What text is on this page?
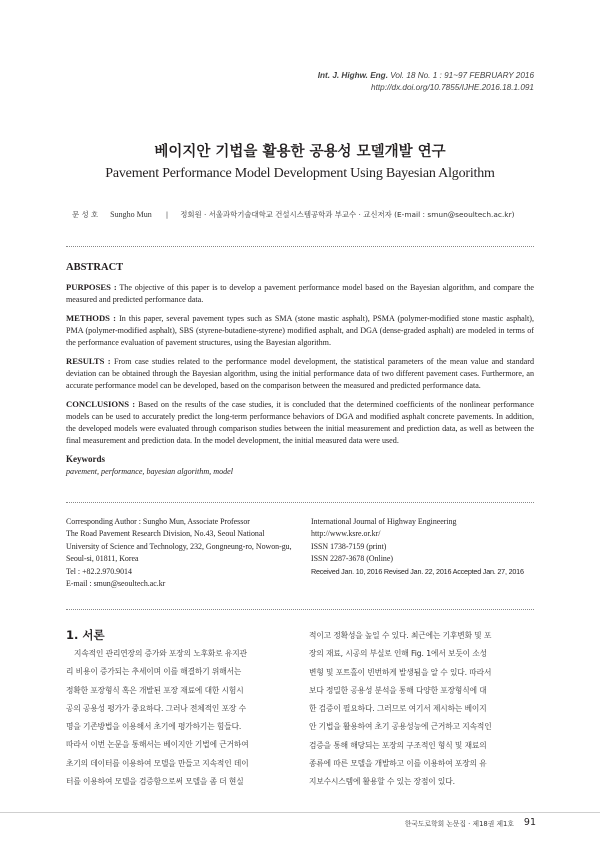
Int. J. Highw. Eng. Vol. 18 No. 1 : 91~97 FEBRUARY 2016
http://dx.doi.org/10.7855/IJHE.2016.18.1.091
베이지안 기법을 활용한 공용성 모델개발 연구
Pavement Performance Model Development Using Bayesian Algorithm
문 성 호 Sungho Mun | 정회원 · 서울과학기술대학교 건설시스템공학과 부교수 · 교신저자 (E-mail : smun@seoultech.ac.kr)
ABSTRACT

PURPOSES : The objective of this paper is to develop a pavement performance model based on the Bayesian algorithm, and compare the measured and predicted performance data.

METHODS : In this paper, several pavement types such as SMA (stone mastic asphalt), PSMA (polymer-modified stone mastic asphalt), PMA (polymer-modified asphalt), SBS (styrene-butadiene-styrene) modified asphalt, and DGA (dense-graded asphalt) are modeled in terms of the performance evaluation of pavement structures, using the Bayesian algorithm.

RESULTS : From case studies related to the performance model development, the statistical parameters of the mean value and standard deviation can be obtained through the Bayesian algorithm, using the initial performance data of two different pavement cases. Furthermore, an accurate performance model can be developed, based on the comparison between the measured and predicted performance data.

CONCLUSIONS : Based on the results of the case studies, it is concluded that the determined coefficients of the nonlinear performance models can be used to accurately predict the long-term performance behaviors of DGA and modified asphalt concrete pavements. In addition, the developed models were evaluated through comparison studies between the initial measurement and prediction data, as well as between the final measurement and prediction data. In the model development, the initial measured data were used.

Keywords
pavement, performance, bayesian algorithm, model
Corresponding Author : Sungho Mun, Associate Professor
The Road Pavement Research Division, No.43, Seoul National
University of Science and Technology, 232, Gongneung-ro, Nowon-gu,
Seoul-si, 01811, Korea
Tel : +82.2.970.9014
E-mail : smun@seoultech.ac.kr
International Journal of Highway Engineering
http://www.ksre.or.kr/
ISSN 1738-7159 (print)
ISSN 2287-3678 (Online)
Received Jan. 10, 2016 Revised Jan. 22, 2016 Accepted Jan. 27, 2016
1. 서론
지속적인 관리연장의 증가와 포장의 노후화로 유지관
리 비용이 증가되는 추세이며 이를 해결하기 위해서는
정확한 포장형식 혹은 개발된 포장 재료에 대한 시험시
공의 공용성 평가가 중요하다. 그러나 전체적인 포장 수
명을 기존방법을 이용해서 초기에 평가하기는 힘들다.
따라서 이번 논문을 통해서는 베이지안 기법에 근거하여
초기의 데이터를 이용하여 모델을 만들고 지속적인 데이
터를 이용하여 모델을 검증함으로써 모델을 좀 더 현실
적이고 정확성을 높일 수 있다. 최근에는 기후변화 및 포
장의 재료, 시공의 부실로 인해 Fig. 1에서 보듯이 소성
변형 및 포트홀이 빈번하게 발생됨을 알 수 있다. 따라서
보다 정밀한 공용성 분석을 통해 다양한 포장형식에 대
한 검증이 필요하다. 그러므로 여기서 제시하는 베이지
안 기법을 활용하여 초기 공용성능에 근거하고 지속적인
검증을 통해 해당되는 포장의 구조적인 형식 및 재료의
종류에 따른 모델을 개발하고 이를 이용하여 포장의 유
지보수시스템에 활용할 수 있는 장점이 있다.
한국도로학회 논문집 · 제18권 제1호 91
